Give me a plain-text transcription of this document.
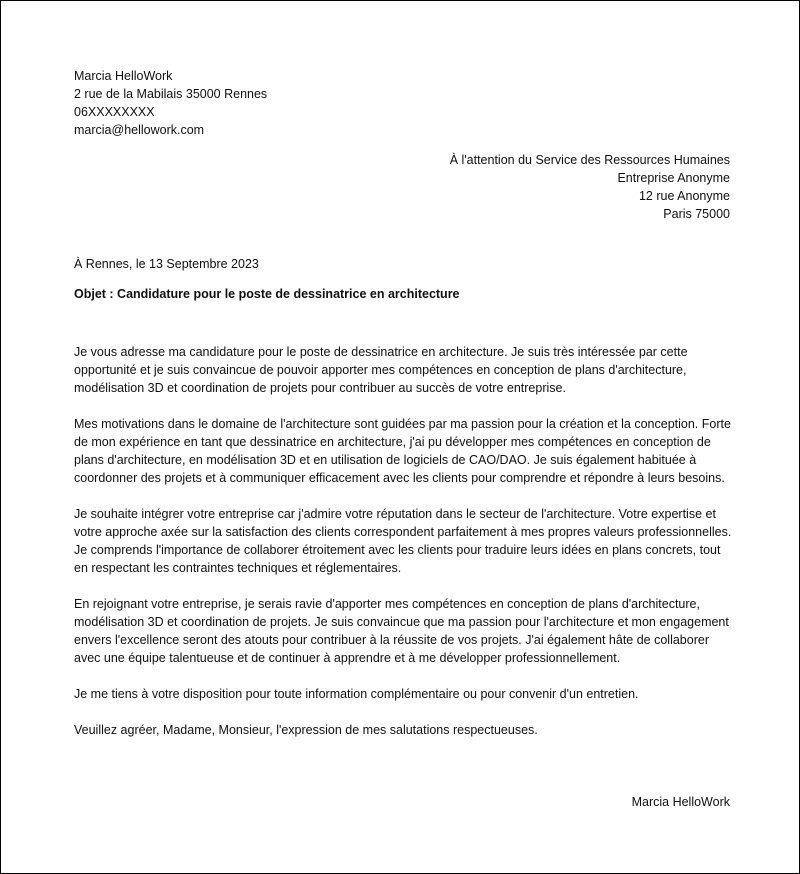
Marcia HelloWork
2 rue de la Mabilais 35000 Rennes
06XXXXXXXX
marcia@hellowork.com
À l'attention du Service des Ressources Humaines
Entreprise Anonyme
12 rue Anonyme
Paris 75000
À Rennes, le 13 Septembre 2023
Objet : Candidature pour le poste de dessinatrice en architecture

Je vous adresse ma candidature pour le poste de dessinatrice en architecture. Je suis très intéressée par cette opportunité et je suis convaincue de pouvoir apporter mes compétences en conception de plans d'architecture, modélisation 3D et coordination de projets pour contribuer au succès de votre entreprise.

Mes motivations dans le domaine de l'architecture sont guidées par ma passion pour la création et la conception. Forte de mon expérience en tant que dessinatrice en architecture, j'ai pu développer mes compétences en conception de plans d'architecture, en modélisation 3D et en utilisation de logiciels de CAO/DAO. Je suis également habituée à coordonner des projets et à communiquer efficacement avec les clients pour comprendre et répondre à leurs besoins.

Je souhaite intégrer votre entreprise car j'admire votre réputation dans le secteur de l'architecture. Votre expertise et votre approche axée sur la satisfaction des clients correspondent parfaitement à mes propres valeurs professionnelles. Je comprends l'importance de collaborer étroitement avec les clients pour traduire leurs idées en plans concrets, tout en respectant les contraintes techniques et réglementaires.

En rejoignant votre entreprise, je serais ravie d'apporter mes compétences en conception de plans d'architecture, modélisation 3D et coordination de projets. Je suis convaincue que ma passion pour l'architecture et mon engagement envers l'excellence seront des atouts pour contribuer à la réussite de vos projets. J'ai également hâte de collaborer avec une équipe talentueuse et de continuer à apprendre et à me développer professionnellement.

Je me tiens à votre disposition pour toute information complémentaire ou pour convenir d'un entretien.

Veuillez agréer, Madame, Monsieur, l'expression de mes salutations respectueuses.

Marcia HelloWork
